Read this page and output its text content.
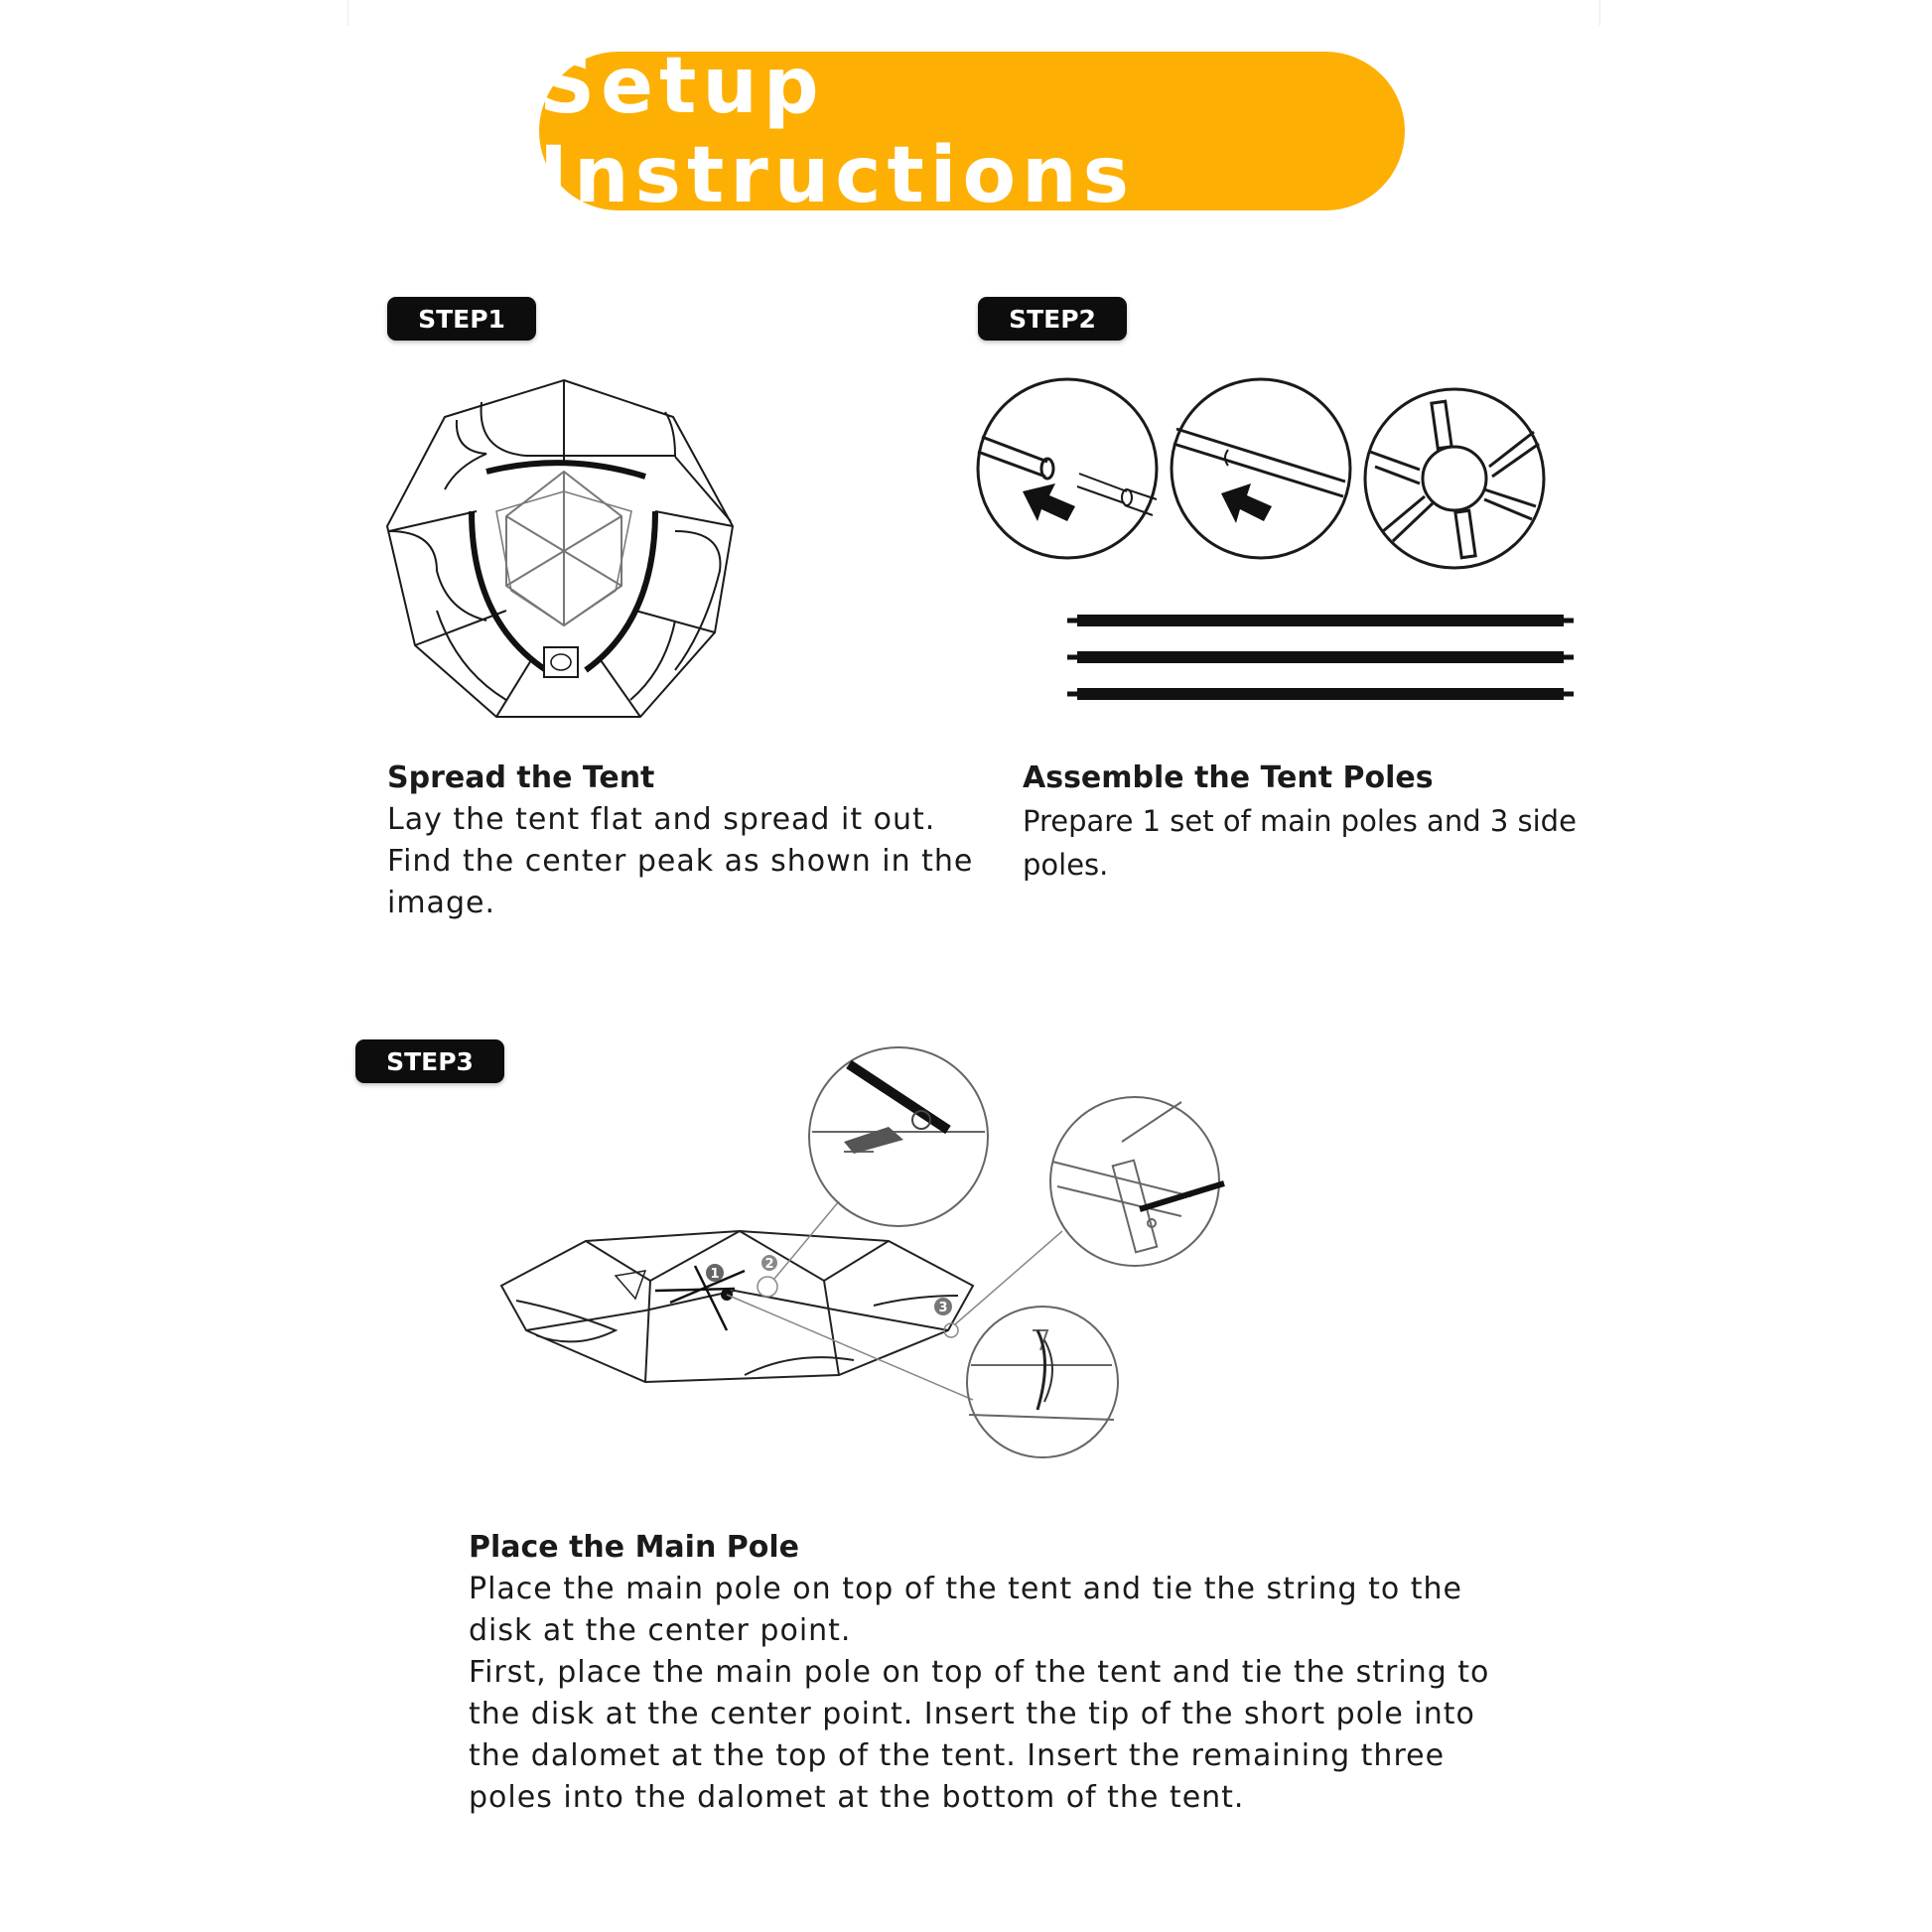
Setup Instructions
STEP1
Spread the Tent
Lay the tent flat and spread it out. Find the center peak as shown in the image.
STEP2
Assemble the Tent Poles
Prepare 1 set of main poles and 3 side poles.
STEP3
1
2
3
Place the Main Pole

Place the main pole on top of the tent and tie the string to the disk at the center point.

First, place the main pole on top of the tent and tie the string to the disk at the center point. Insert the tip of the short pole into the dalomet at the top of the tent. Insert the remaining three poles into the dalomet at the bottom of the tent.
